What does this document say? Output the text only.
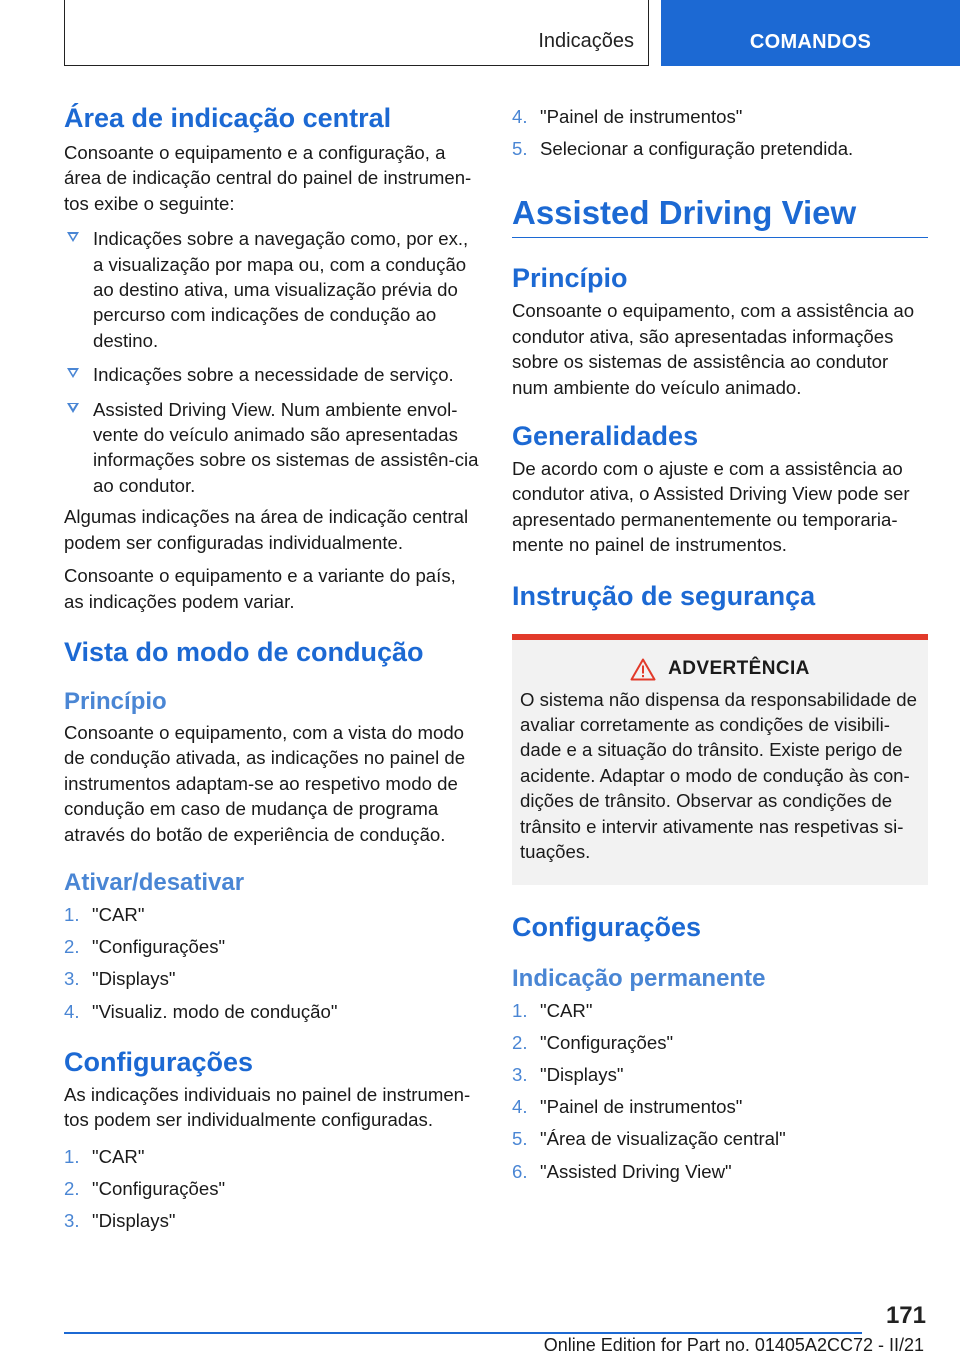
Indicações	COMANDOS
Área de indicação central
Consoante o equipamento e a configuração, a área de indicação central do painel de instrumen-tos exibe o seguinte:
Indicações sobre a navegação como, por ex., a visualização por mapa ou, com a condução ao destino ativa, uma visualização prévia do percurso com indicações de condução ao destino.
Indicações sobre a necessidade de serviço.
Assisted Driving View. Num ambiente envol-vente do veículo animado são apresentadas informações sobre os sistemas de assistên-cia ao condutor.
Algumas indicações na área de indicação central podem ser configuradas individualmente.
Consoante o equipamento e a variante do país, as indicações podem variar.
Vista do modo de condução
Princípio
Consoante o equipamento, com a vista do modo de condução ativada, as indicações no painel de instrumentos adaptam-se ao respetivo modo de condução em caso de mudança de programa através do botão de experiência de condução.
Ativar/desativar
1. "CAR"
2. "Configurações"
3. "Displays"
4. "Visualiz. modo de condução"
Configurações
As indicações individuais no painel de instrumen-tos podem ser individualmente configuradas.
1. "CAR"
2. "Configurações"
3. "Displays"
4. "Painel de instrumentos"
5. Selecionar a configuração pretendida.
Assisted Driving View
Princípio
Consoante o equipamento, com a assistência ao condutor ativa, são apresentadas informações sobre os sistemas de assistência ao condutor num ambiente do veículo animado.
Generalidades
De acordo com o ajuste e com a assistência ao condutor ativa, o Assisted Driving View pode ser apresentado permanentemente ou temporaria-mente no painel de instrumentos.
Instrução de segurança
ADVERTÊNCIA
O sistema não dispensa da responsabilidade de avaliar corretamente as condições de visibili-dade e a situação do trânsito. Existe perigo de acidente. Adaptar o modo de condução às con-dições de trânsito. Observar as condições de trânsito e intervir ativamente nas respetivas si-tuações.
Configurações
Indicação permanente
1. "CAR"
2. "Configurações"
3. "Displays"
4. "Painel de instrumentos"
5. "Área de visualização central"
6. "Assisted Driving View"
171
Online Edition for Part no. 01405A2CC72 - II/21
